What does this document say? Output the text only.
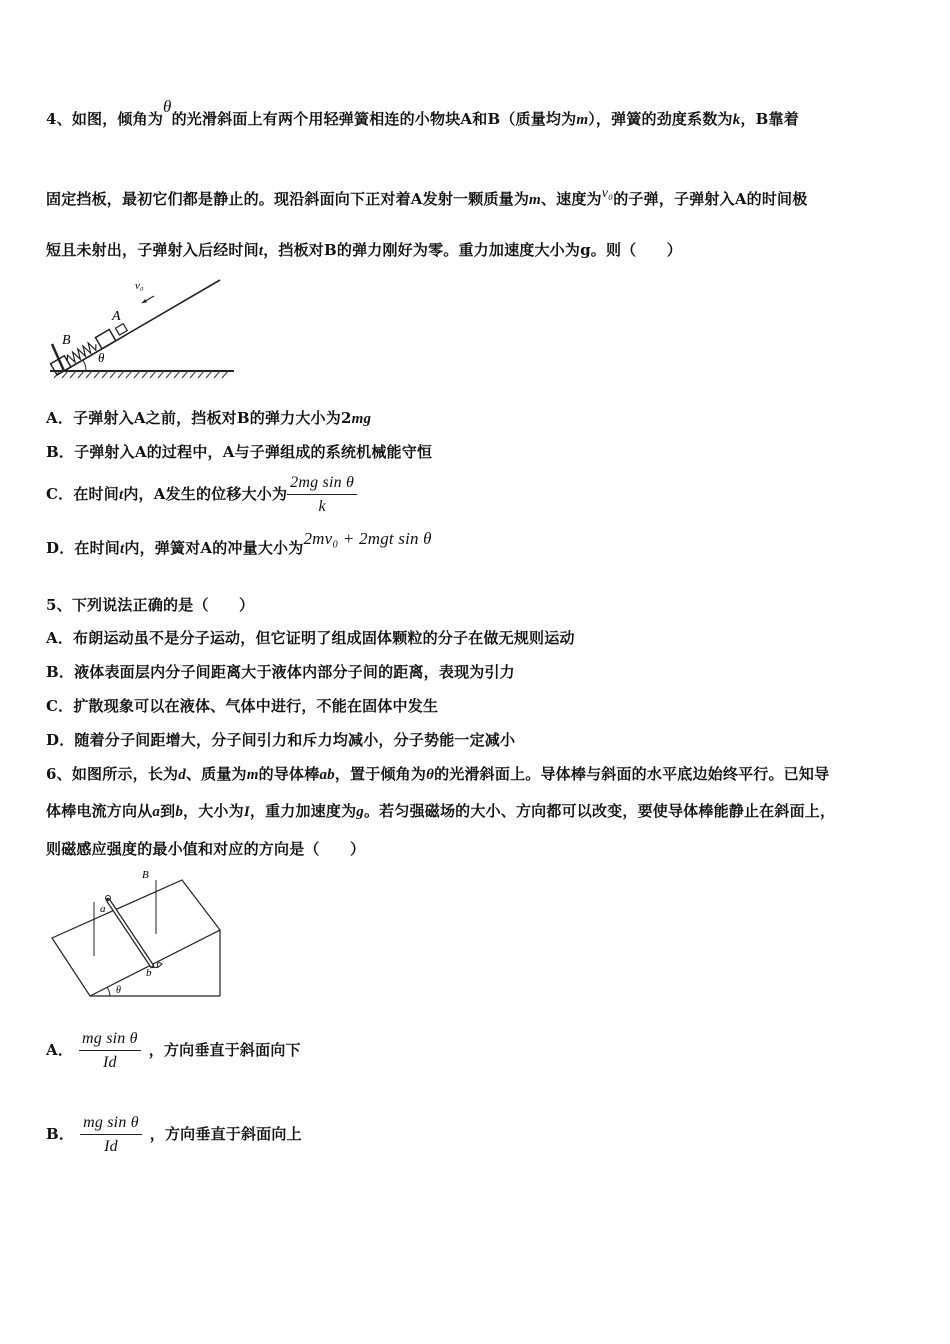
4、如图，倾角为θ的光滑斜面上有两个用轻弹簧相连的小物块A和B（质量均为m），弹簧的劲度系数为k，B靠着
固定挡板，最初它们都是静止的。现沿斜面向下正对着A发射一颗质量为m、速度为v₀的子弹，子弹射入A的时间极
短且未射出，子弹射入后经时间t，挡板对B的弹力刚好为零。重力加速度大小为g。则（　　）
v₀
A
B
θ
A．子弹射入A之前，挡板对B的弹力大小为2mg
B．子弹射入A的过程中，A与子弹组成的系统机械能守恒
C．在时间t内，A发生的位移大小为 $\frac{\text{2mg sin θ}}{k}$
D．在时间t内，弹簧对A的冲量大小为2mv₀ + 2mgt sin θ
5、下列说法正确的是（　　）
A．布朗运动虽不是分子运动，但它证明了组成固体颗粒的分子在做无规则运动
B．液体表面层内分子间距离大于液体内部分子间的距离，表现为引力
C．扩散现象可以在液体、气体中进行，不能在固体中发生
D．随着分子间距增大，分子间引力和斥力均减小，分子势能一定减小
6、如图所示，长为d、质量为m的导体棒ab，置于倾角为θ的光滑斜面上。导体棒与斜面的水平底边始终平行。已知导
体棒电流方向从a到b，大小为I，重力加速度为g。若匀强磁场的大小、方向都可以改变，要使导体棒能静止在斜面上，
则磁感应强度的最小值和对应的方向是（　　）
B
a
b
θ
A． $\frac{\text{mg sin θ}}{Id}$ ，方向垂直于斜面向下
B． $\frac{\text{mg sin θ}}{Id}$ ，方向垂直于斜面向上
